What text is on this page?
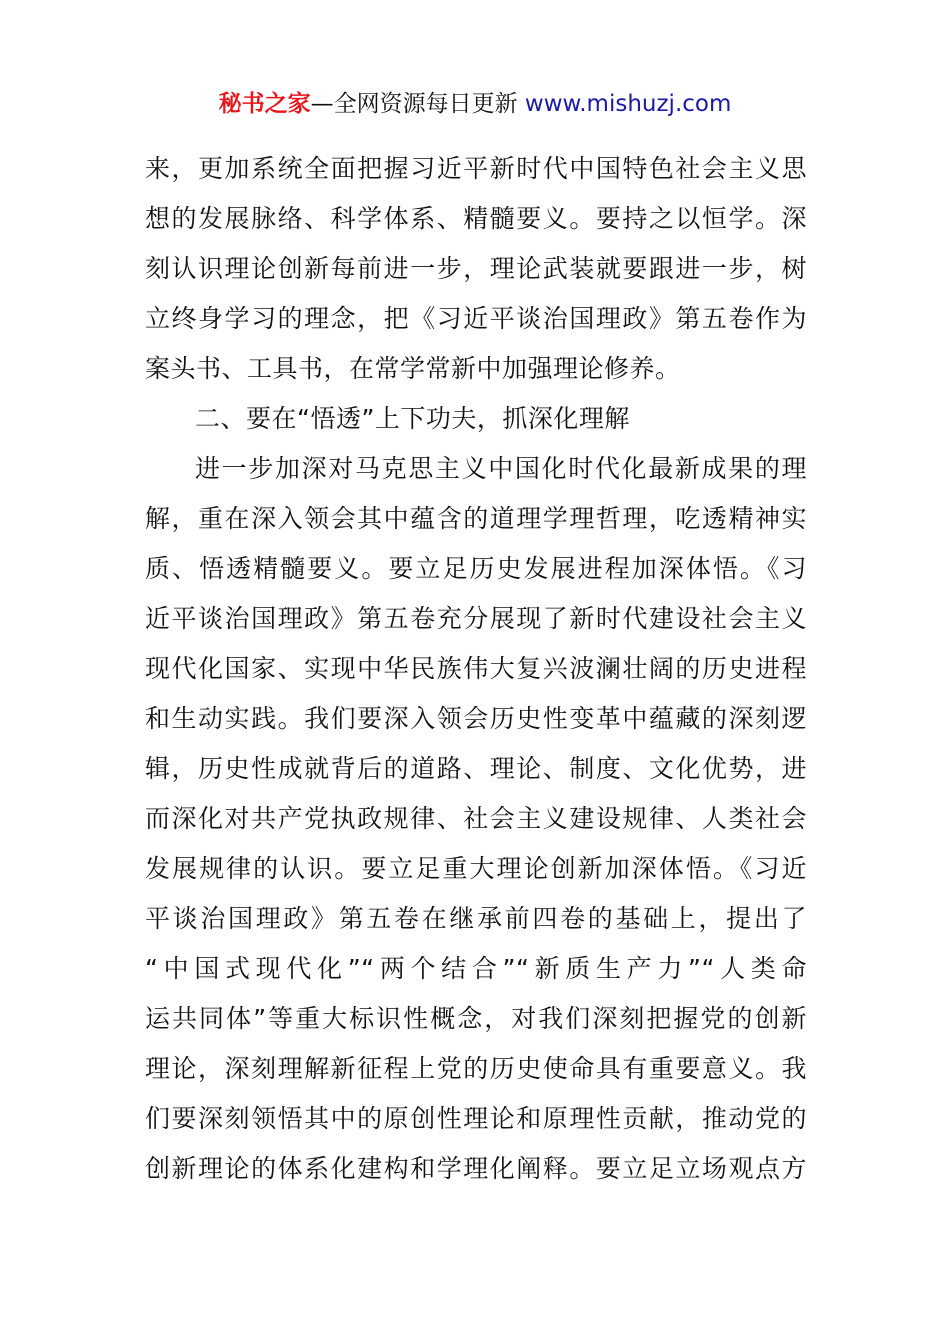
秘书之家—全网资源每日更新 www.mishuzj.com
来，更加系统全面把握习近平新时代中国特色社会主义思
想的发展脉络、科学体系、精髓要义。要持之以恒学。深
刻认识理论创新每前进一步，理论武装就要跟进一步，树
立终身学习的理念，把《习近平谈治国理政》第五卷作为
案头书、工具书，在常学常新中加强理论修养。
二、要在“悟透”上下功夫，抓深化理解
进一步加深对马克思主义中国化时代化最新成果的理
解，重在深入领会其中蕴含的道理学理哲理，吃透精神实
质、悟透精髓要义。要立足历史发展进程加深体悟。《习
近平谈治国理政》第五卷充分展现了新时代建设社会主义
现代化国家、实现中华民族伟大复兴波澜壮阔的历史进程
和生动实践。我们要深入领会历史性变革中蕴藏的深刻逻
辑，历史性成就背后的道路、理论、制度、文化优势，进
而深化对共产党执政规律、社会主义建设规律、人类社会
发展规律的认识。要立足重大理论创新加深体悟。《习近
平谈治国理政》第五卷在继承前四卷的基础上，提出了
“中国式现代化”“两个结合”“新质生产力”“人类命
运共同体”等重大标识性概念，对我们深刻把握党的创新
理论，深刻理解新征程上党的历史使命具有重要意义。我
们要深刻领悟其中的原创性理论和原理性贡献，推动党的
创新理论的体系化建构和学理化阐释。要立足立场观点方
